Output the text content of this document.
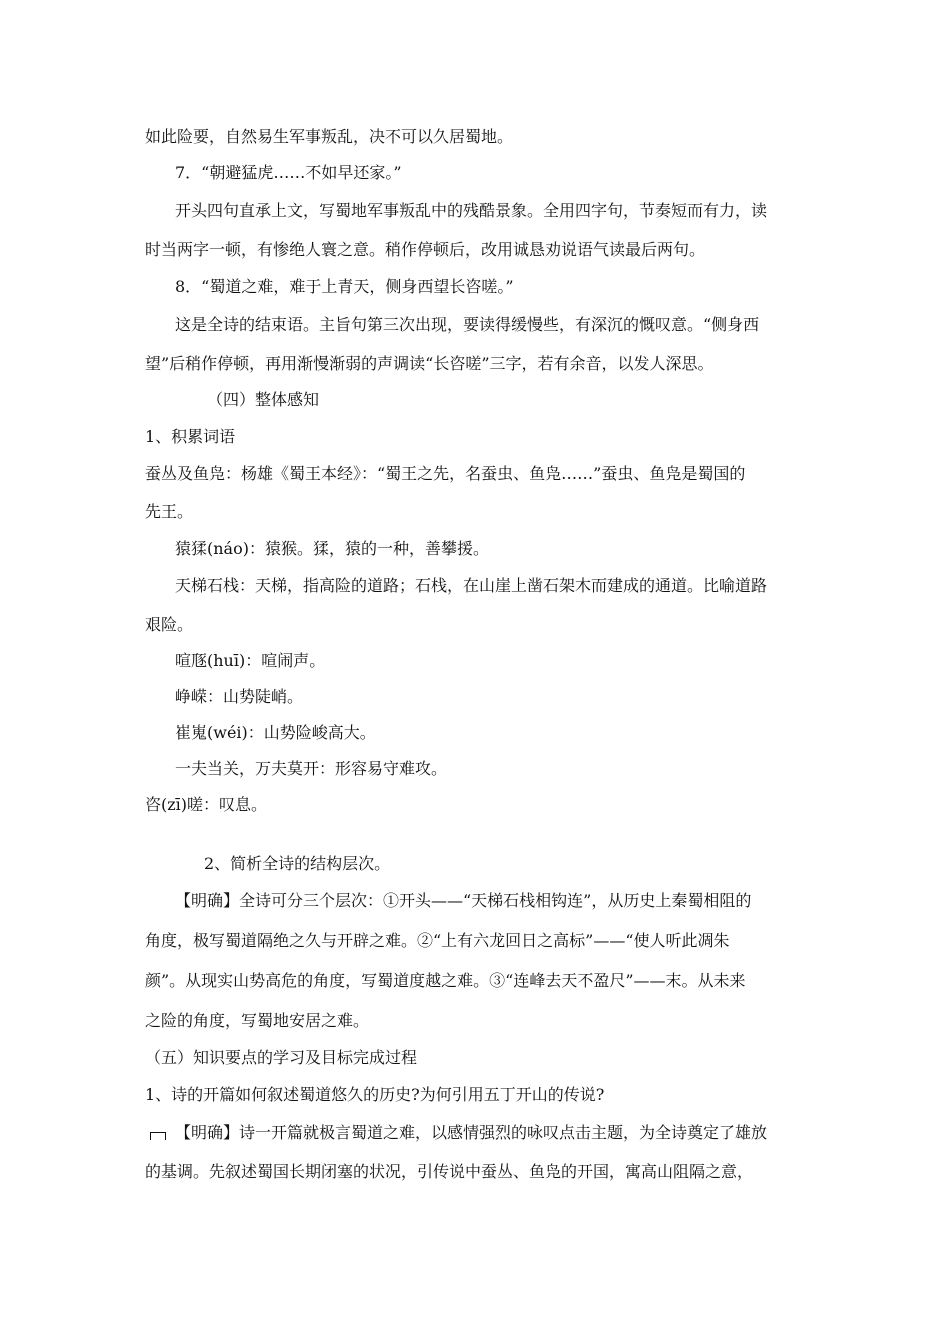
如此险要，自然易生军事叛乱，决不可以久居蜀地。
7．“朝避猛虎……不如早还家。”
开头四句直承上文，写蜀地军事叛乱中的残酷景象。全用四字句，节奏短而有力，读
时当两字一顿，有惨绝人寰之意。稍作停顿后，改用诚恳劝说语气读最后两句。
8．“蜀道之难，难于上青天，侧身西望长咨嗟。”
这是全诗的结束语。主旨句第三次出现，要读得缓慢些，有深沉的慨叹意。“侧身西
望”后稍作停顿，再用渐慢渐弱的声调读“长咨嗟”三字，若有余音，以发人深思。
（四）整体感知
1、积累词语
蚕丛及鱼凫：杨雄《蜀王本经》：“蜀王之先，名蚕虫、鱼凫……”蚕虫、鱼凫是蜀国的
先王。
猿猱(náo)：猿猴。猱，猿的一种，善攀援。
天梯石栈：天梯，指高险的道路；石栈，在山崖上凿石架木而建成的通道。比喻道路
艰险。
喧豗(huī)：喧闹声。
峥嵘：山势陡峭。
崔嵬(wéi)：山势险峻高大。
一夫当关，万夫莫开：形容易守难攻。
咨(zī)嗟：叹息。
2、简析全诗的结构层次。
【明确】全诗可分三个层次：①开头——“天梯石栈相钩连”，从历史上秦蜀相阻的
角度，极写蜀道隔绝之久与开辟之难。②“上有六龙回日之高标”——“使人听此凋朱
颜”。从现实山势高危的角度，写蜀道度越之难。③“连峰去天不盈尺”——末。从未来
之险的角度，写蜀地安居之难。
（五）知识要点的学习及目标完成过程
1、诗的开篇如何叙述蜀道悠久的历史?为何引用五丁开山的传说?
【明确】诗一开篇就极言蜀道之难，以感情强烈的咏叹点击主题，为全诗奠定了雄放
的基调。先叙述蜀国长期闭塞的状况，引传说中蚕丛、鱼凫的开国，寓高山阻隔之意，
